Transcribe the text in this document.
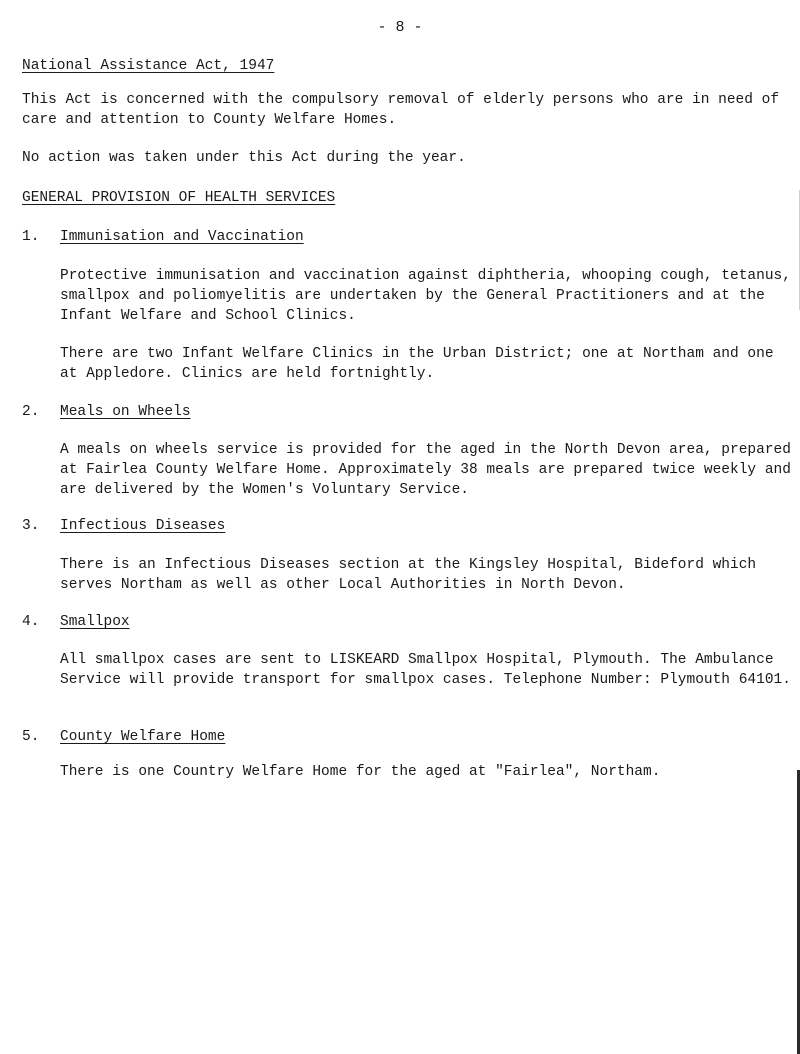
- 8 -
National Assistance Act, 1947

This Act is concerned with the compulsory removal of elderly persons who are in need of care and attention to County Welfare Homes.

No action was taken under this Act during the year.

GENERAL PROVISION OF HEALTH SERVICES
1. Immunisation and Vaccination

Protective immunisation and vaccination against diphtheria, whooping cough, tetanus, smallpox and poliomyelitis are undertaken by the General Practitioners and at the Infant Welfare and School Clinics.

There are two Infant Welfare Clinics in the Urban District; one at Northam and one at Appledore. Clinics are held fortnightly.

2. Meals on Wheels

A meals on wheels service is provided for the aged in the North Devon area, prepared at Fairlea County Welfare Home. Approximately 38 meals are prepared twice weekly and are delivered by the Women's Voluntary Service.

3. Infectious Diseases

There is an Infectious Diseases section at the Kingsley Hospital, Bideford which serves Northam as well as other Local Authorities in North Devon.

4. Smallpox

All smallpox cases are sent to LISKEARD Smallpox Hospital, Plymouth. The Ambulance Service will provide transport for smallpox cases. Telephone Number: Plymouth 64101.

5. County Welfare Home

There is one Country Welfare Home for the aged at "Fairlea", Northam.
